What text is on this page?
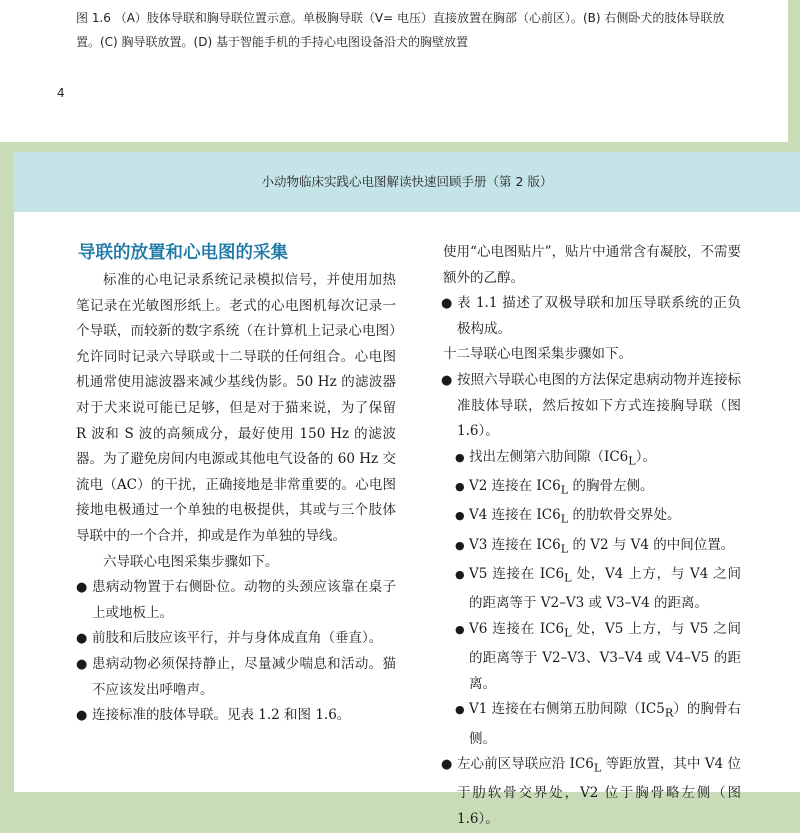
图 1.6 （A）肢体导联和胸导联位置示意。单极胸导联（V= 电压）直接放置在胸部（心前区）。(B) 右侧卧犬的肢体导联放置。(C) 胸导联放置。(D) 基于智能手机的手持心电图设备沿犬的胸壁放置
4
小动物临床实践心电图解读快速回顾手册（第 2 版）
导联的放置和心电图的采集

标准的心电记录系统记录模拟信号，并使用加热笔记录在光敏图形纸上。老式的心电图机每次记录一个导联，而较新的数字系统（在计算机上记录心电图）允许同时记录六导联或十二导联的任何组合。心电图机通常使用滤波器来减少基线伪影。50 Hz 的滤波器对于犬来说可能已足够，但是对于猫来说，为了保留 R 波和 S 波的高频成分，最好使用 150 Hz 的滤波器。为了避免房间内电源或其他电气设备的 60 Hz 交流电（AC）的干扰，正确接地是非常重要的。心电图接地电极通过一个单独的电极提供，其或与三个肢体导联中的一个合并，抑或是作为单独的导线。

六导联心电图采集步骤如下。

● 患病动物置于右侧卧位。动物的头颈应该靠在桌子上或地板上。
● 前肢和后肢应该平行，并与身体成直角（垂直）。
● 患病动物必须保持静止，尽量减少喘息和活动。猫不应该发出呼噜声。
● 连接标准的肢体导联。见表 1.2 和图 1.6。

使用“心电图贴片”，贴片中通常含有凝胶，不需要额外的乙醇。

● 表 1.1 描述了双极导联和加压导联系统的正负极构成。

十二导联心电图采集步骤如下。

● 按照六导联心电图的方法保定患病动物并连接标准肢体导联，然后按如下方式连接胸导联（图 1.6）。
● 找出左侧第六肋间隙$(IC6_L)$。
● V2 连接在 $IC6_L$ 的胸骨左侧。
● V4 连接在 $IC6_L$ 的肋软骨交界处。
● V3 连接在 $IC6_L$ 的 V2 与 V4 的中间位置。
● V5 连接在 $IC6_L$ 处，V4 上方，与 V4 之间的距离等于 V2–V3 或 V3–V4 的距离。
● V6 连接在 $IC6_L$ 处，V5 上方，与 V5 之间的距离等于 V2–V3、V3–V4 或 V4–V5 的距离。
● V1 连接在右侧第五肋间隙$(IC5_R)$的胸骨右侧。
● 左心前区导联应沿 $IC6_L$ 等距放置，其中 V4 位于肋软骨交界处，V2 位于胸骨略左侧（图 1.6）。
